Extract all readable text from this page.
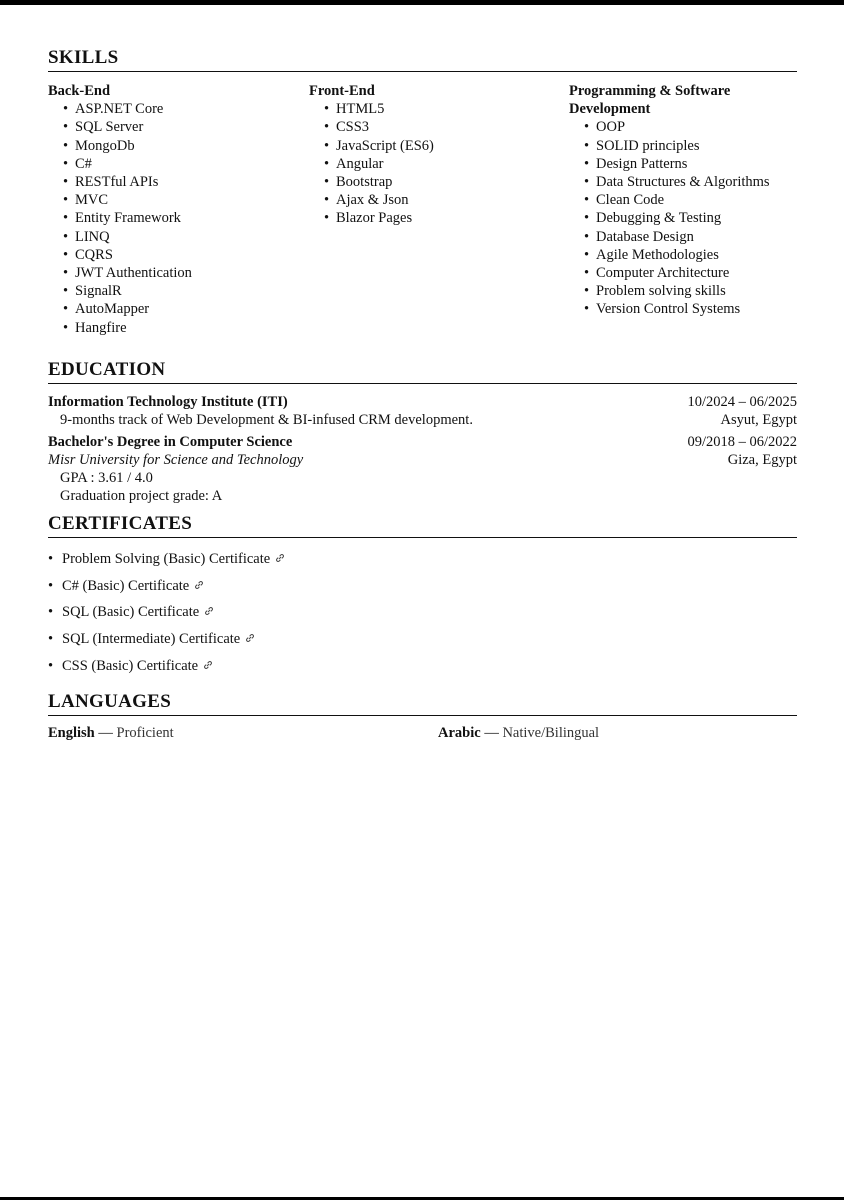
SKILLS
Back-End
• ASP.NET Core
• SQL Server
• MongoDb
• C#
• RESTful APIs
• MVC
• Entity Framework
• LINQ
• CQRS
• JWT Authentication
• SignalR
• AutoMapper
• Hangfire
Front-End
• HTML5
• CSS3
• JavaScript (ES6)
• Angular
• Bootstrap
• Ajax & Json
• Blazor Pages
Programming & Software
Development
• OOP
• SOLID principles
• Design Patterns
• Data Structures & Algorithms
• Clean Code
• Debugging & Testing
• Database Design
• Agile Methodologies
• Computer Architecture
• Problem solving skills
• Version Control Systems
EDUCATION
Information Technology Institute (ITI)	10/2024 – 06/2025
9-months track of Web Development & BI-infused CRM development.	Asyut, Egypt
Bachelor's Degree in Computer Science	09/2018 – 06/2022
Misr University for Science and Technology	Giza, Egypt
GPA : 3.61 / 4.0
Graduation project grade: A
CERTIFICATES
• Problem Solving (Basic) Certificate
• C# (Basic) Certificate
• SQL (Basic) Certificate
• SQL (Intermediate) Certificate
• CSS (Basic) Certificate
LANGUAGES
English — Proficient	Arabic — Native/Bilingual
